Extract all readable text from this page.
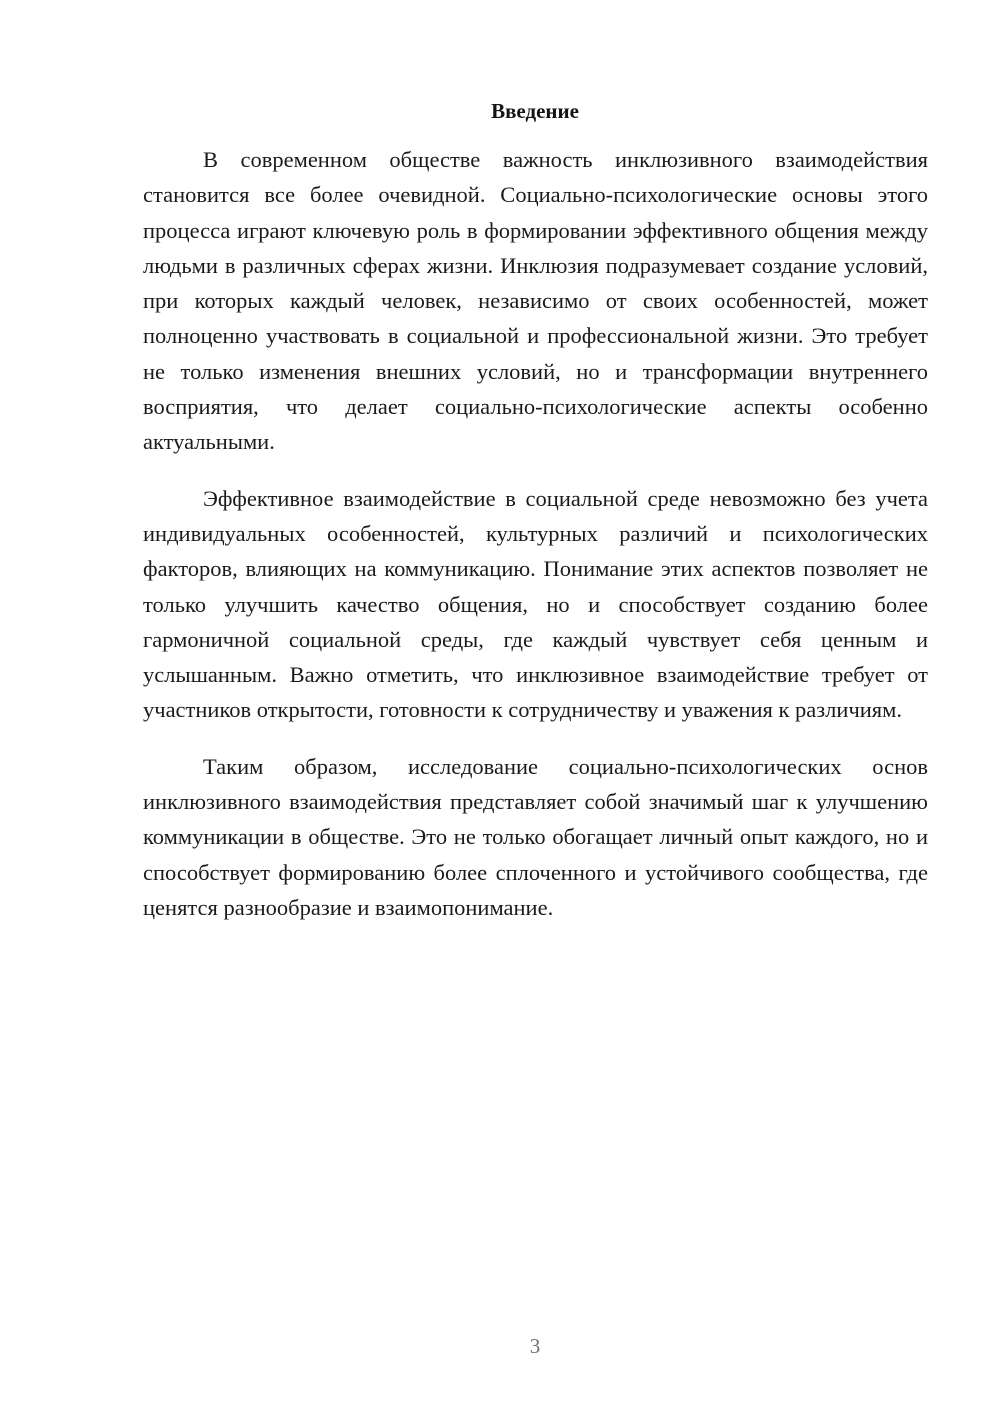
Введение

В современном обществе важность инклюзивного взаимодействия становится все более очевидной. Социально-психологические основы этого процесса играют ключевую роль в формировании эффективного общения между людьми в различных сферах жизни. Инклюзия подразумевает создание условий, при которых каждый человек, независимо от своих особенностей, может полноценно участвовать в социальной и профессиональной жизни. Это требует не только изменения внешних условий, но и трансформации внутреннего восприятия, что делает социально-психологические аспекты особенно актуальными.

Эффективное взаимодействие в социальной среде невозможно без учета индивидуальных особенностей, культурных различий и психологических факторов, влияющих на коммуникацию. Понимание этих аспектов позволяет не только улучшить качество общения, но и способствует созданию более гармоничной социальной среды, где каждый чувствует себя ценным и услышанным. Важно отметить, что инклюзивное взаимодействие требует от участников открытости, готовности к сотрудничеству и уважения к различиям.

Таким образом, исследование социально-психологических основ инклюзивного взаимодействия представляет собой значимый шаг к улучшению коммуникации в обществе. Это не только обогащает личный опыт каждого, но и способствует формированию более сплоченного и устойчивого сообщества, где ценятся разнообразие и взаимопонимание.

3
